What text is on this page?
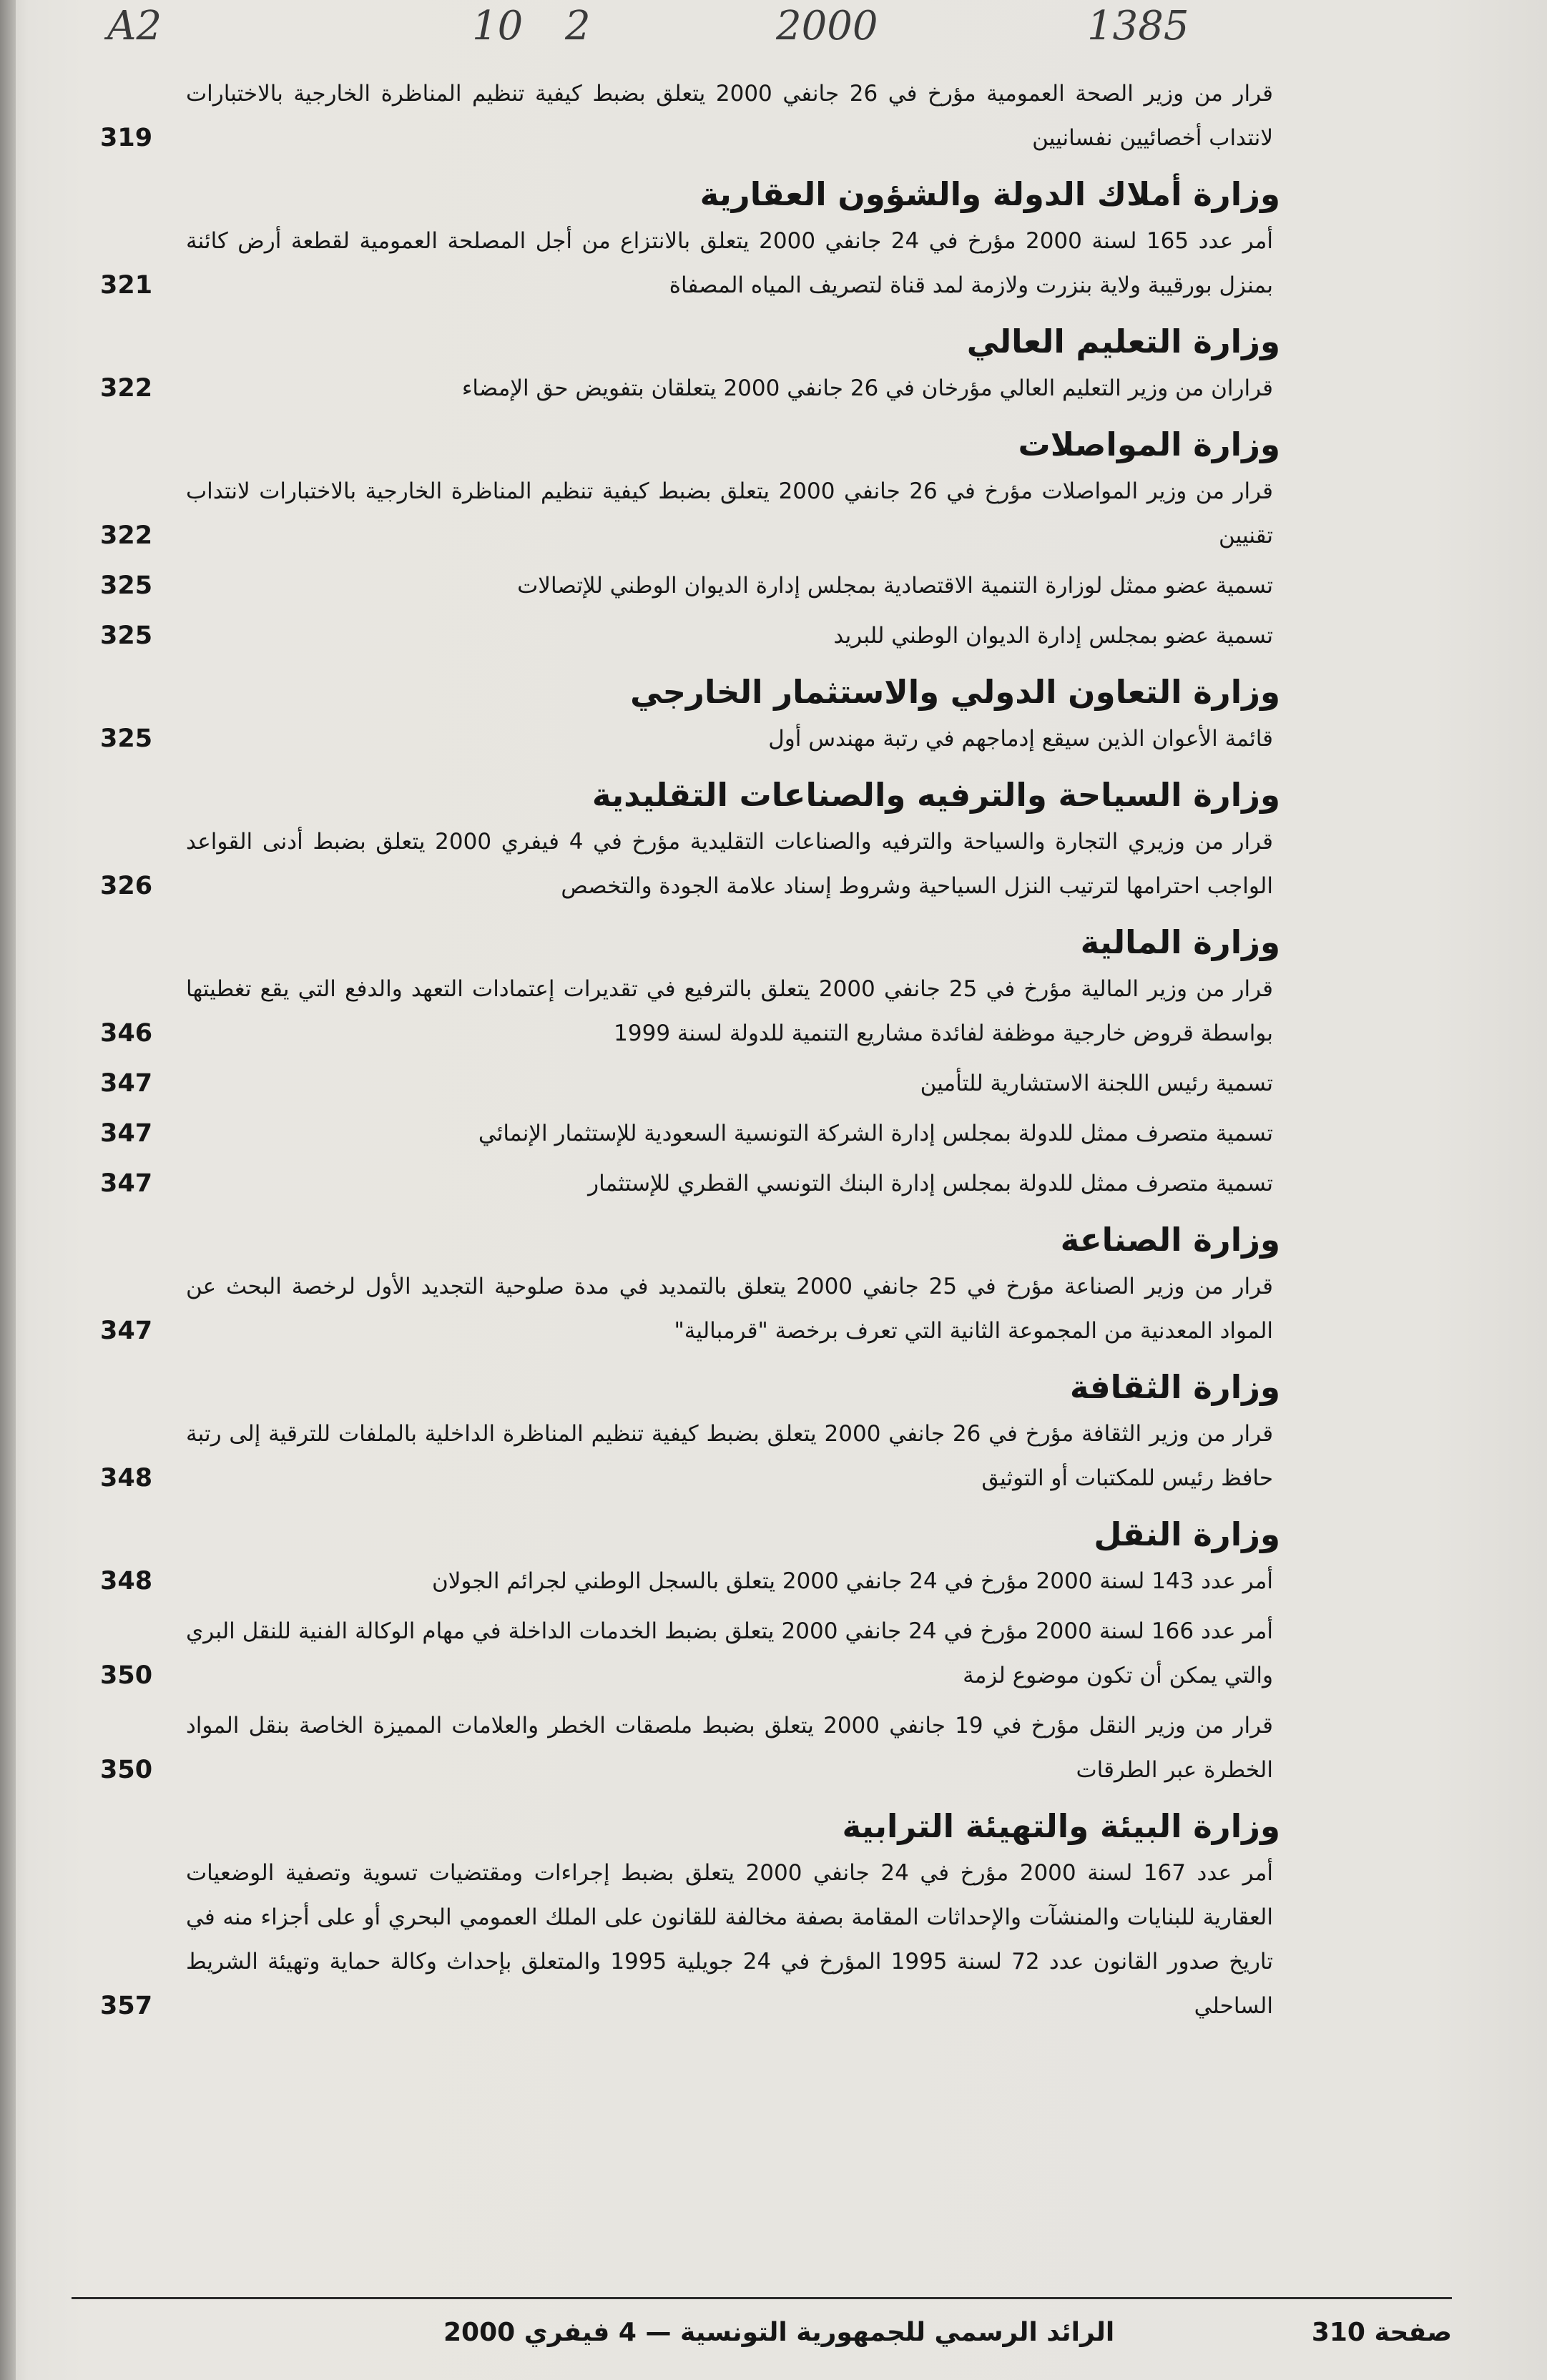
A2	10 2	2000	1385
قرار من وزير الصحة العمومية مؤرخ في 26 جانفي 2000 يتعلق بضبط كيفية تنظيم المناظرة الخارجية بالاختبارات لانتداب أخصائيين نفسانيين
319
وزارة أملاك الدولة والشؤون العقارية
أمر عدد 165 لسنة 2000 مؤرخ في 24 جانفي 2000 يتعلق بالانتزاع من أجل المصلحة العمومية لقطعة أرض كائنة بمنزل بورقيبة ولاية بنزرت ولازمة لمد قناة لتصريف المياه المصفاة
321
وزارة التعليم العالي
قراران من وزير التعليم العالي مؤرخان في 26 جانفي 2000 يتعلقان بتفويض حق الإمضاء
322
وزارة المواصلات
قرار من وزير المواصلات مؤرخ في 26 جانفي 2000 يتعلق بضبط كيفية تنظيم المناظرة الخارجية بالاختبارات لانتداب تقنيين
322
تسمية عضو ممثل لوزارة التنمية الاقتصادية بمجلس إدارة الديوان الوطني للإتصالات
325
تسمية عضو بمجلس إدارة الديوان الوطني للبريد
325
وزارة التعاون الدولي والاستثمار الخارجي
قائمة الأعوان الذين سيقع إدماجهم في رتبة مهندس أول
325
وزارة السياحة والترفيه والصناعات التقليدية
قرار من وزيري التجارة والسياحة والترفيه والصناعات التقليدية مؤرخ في 4 فيفري 2000 يتعلق بضبط أدنى القواعد الواجب احترامها لترتيب النزل السياحية وشروط إسناد علامة الجودة والتخصص
326
وزارة المالية
قرار من وزير المالية مؤرخ في 25 جانفي 2000 يتعلق بالترفيع في تقديرات إعتمادات التعهد والدفع التي يقع تغطيتها بواسطة قروض خارجية موظفة لفائدة مشاريع التنمية للدولة لسنة 1999
346
تسمية رئيس اللجنة الاستشارية للتأمين
347
تسمية متصرف ممثل للدولة بمجلس إدارة الشركة التونسية السعودية للإستثمار الإنمائي
347
تسمية متصرف ممثل للدولة بمجلس إدارة البنك التونسي القطري للإستثمار
347
وزارة الصناعة
قرار من وزير الصناعة مؤرخ في 25 جانفي 2000 يتعلق بالتمديد في مدة صلوحية التجديد الأول لرخصة البحث عن المواد المعدنية من المجموعة الثانية التي تعرف برخصة "قرمبالية"
347
وزارة الثقافة
قرار من وزير الثقافة مؤرخ في 26 جانفي 2000 يتعلق بضبط كيفية تنظيم المناظرة الداخلية بالملفات للترقية إلى رتبة حافظ رئيس للمكتبات أو التوثيق
348
وزارة النقل
أمر عدد 143 لسنة 2000 مؤرخ في 24 جانفي 2000 يتعلق بالسجل الوطني لجرائم الجولان
348
أمر عدد 166 لسنة 2000 مؤرخ في 24 جانفي 2000 يتعلق بضبط الخدمات الداخلة في مهام الوكالة الفنية للنقل البري والتي يمكن أن تكون موضوع لزمة
350
قرار من وزير النقل مؤرخ في 19 جانفي 2000 يتعلق بضبط ملصقات الخطر والعلامات المميزة الخاصة بنقل المواد الخطرة عبر الطرقات
350
وزارة البيئة والتهيئة الترابية
أمر عدد 167 لسنة 2000 مؤرخ في 24 جانفي 2000 يتعلق بضبط إجراءات ومقتضيات تسوية وتصفية الوضعيات العقارية للبنايات والمنشآت والإحداثات المقامة بصفة مخالفة للقانون على الملك العمومي البحري أو على أجزاء منه في تاريخ صدور القانون عدد 72 لسنة 1995 المؤرخ في 24 جويلية 1995 والمتعلق بإحداث وكالة حماية وتهيئة الشريط الساحلي
357
الرائد الرسمي للجمهورية التونسية — 4 فيفري 2000	صفحة 310
